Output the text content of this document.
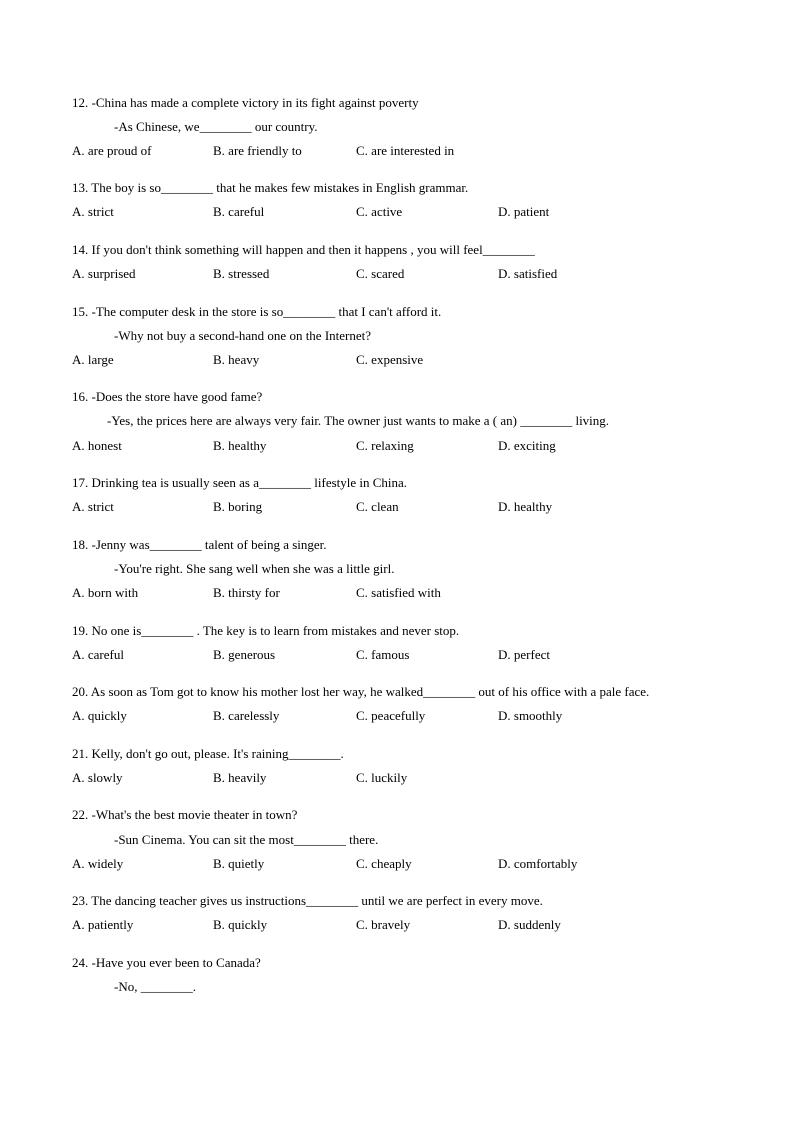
12. -China has made a complete victory in its fight against poverty
-As Chinese, we________ our country.
A. are proud of	B. are friendly to	C. are interested in
13. The boy is so________ that he makes few mistakes in English grammar.
A. strict	B. careful	C. active	D. patient
14. If you don't think something will happen and then it happens , you will feel________
A. surprised	B. stressed	C. scared	D. satisfied
15. -The computer desk in the store is so________ that I can't afford it.
-Why not buy a second-hand one on the Internet?
A. large	B. heavy	C. expensive
16. -Does the store have good fame?
-Yes, the prices here are always very fair. The owner just wants to make a ( an) ________ living.
A. honest	B. healthy	C. relaxing	D. exciting
17. Drinking tea is usually seen as a________ lifestyle in China.
A. strict	B. boring	C. clean	D. healthy
18. -Jenny was________ talent of being a singer.
-You're right. She sang well when she was a little girl.
A. born with	B. thirsty for	C. satisfied with
19. No one is________ . The key is to learn from mistakes and never stop.
A. careful	B. generous	C. famous	D. perfect
20. As soon as Tom got to know his mother lost her way, he walked________ out of his office with a pale face.
A. quickly	B. carelessly	C. peacefully	D. smoothly
21. Kelly, don't go out, please. It's raining________.
A. slowly	B. heavily	C. luckily
22. -What's the best movie theater in town?
-Sun Cinema. You can sit the most________ there.
A. widely	B. quietly	C. cheaply	D. comfortably
23. The dancing teacher gives us instructions________ until we are perfect in every move.
A. patiently	B. quickly	C. bravely	D. suddenly
24. -Have you ever been to Canada?
-No, ________.
